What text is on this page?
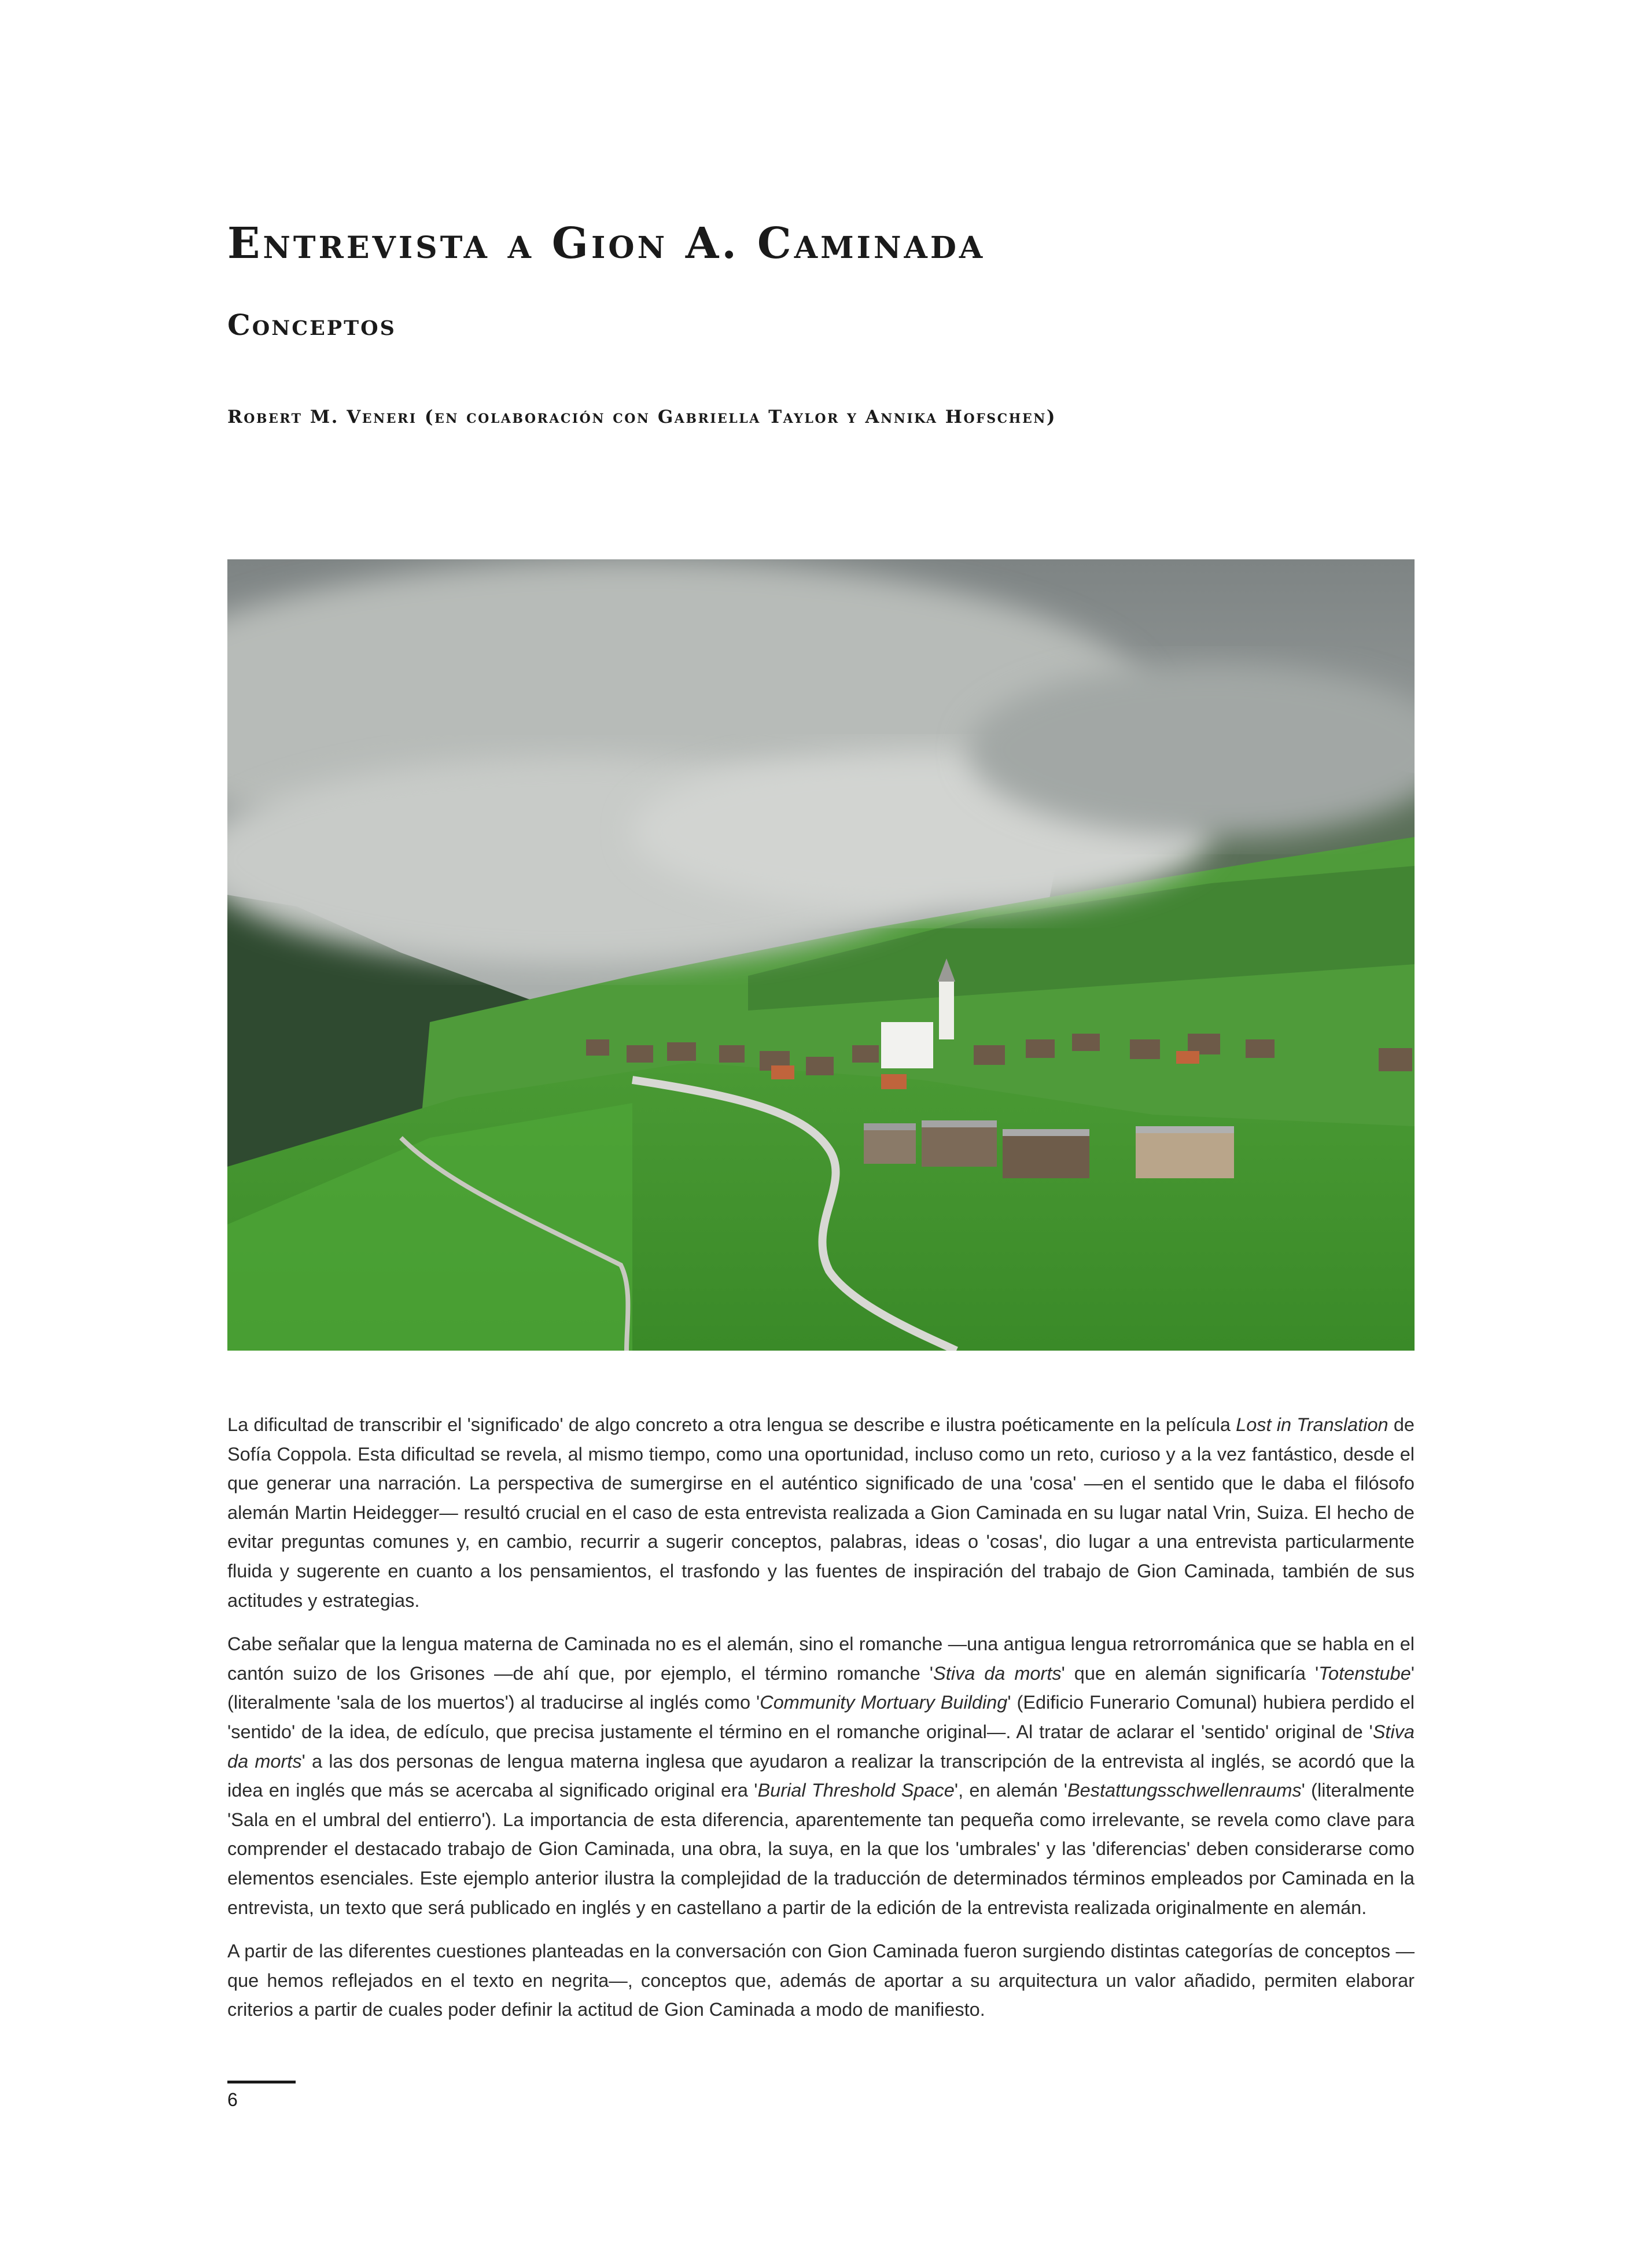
Entrevista a Gion A. Caminada
Conceptos
Robert M. Veneri (en colaboración con Gabriella Taylor y Annika Hofschen)

La dificultad de transcribir el 'significado' de algo concreto a otra lengua se describe e ilustra poéticamente en la película Lost in Translation de Sofía Coppola. Esta dificultad se revela, al mismo tiempo, como una oportunidad, incluso como un reto, curioso y a la vez fantástico, desde el que generar una narración. La perspectiva de sumergirse en el auténtico significado de una 'cosa' —en el sentido que le daba el filósofo alemán Martin Heidegger— resultó crucial en el caso de esta entrevista realizada a Gion Caminada en su lugar natal Vrin, Suiza. El hecho de evitar preguntas comunes y, en cambio, recurrir a sugerir conceptos, palabras, ideas o 'cosas', dio lugar a una entrevista particularmente fluida y sugerente en cuanto a los pensamientos, el trasfondo y las fuentes de inspiración del trabajo de Gion Caminada, también de sus actitudes y estrategias.

Cabe señalar que la lengua materna de Caminada no es el alemán, sino el romanche —una antigua lengua retrorrománica que se habla en el cantón suizo de los Grisones —de ahí que, por ejemplo, el término romanche 'Stiva da morts' que en alemán significaría 'Totenstube' (literalmente 'sala de los muertos') al traducirse al inglés como 'Community Mortuary Building' (Edificio Funerario Comunal) hubiera perdido el 'sentido' de la idea, de edículo, que precisa justamente el término en el romanche original—. Al tratar de aclarar el 'sentido' original de 'Stiva da morts' a las dos personas de lengua materna inglesa que ayudaron a realizar la transcripción de la entrevista al inglés, se acordó que la idea en inglés que más se acercaba al significado original era 'Burial Threshold Space', en alemán 'Bestattungsschwellenraums' (literalmente 'Sala en el umbral del entierro'). La importancia de esta diferencia, aparentemente tan pequeña como irrelevante, se revela como clave para comprender el destacado trabajo de Gion Caminada, una obra, la suya, en la que los 'umbrales' y las 'diferencias' deben considerarse como elementos esenciales. Este ejemplo anterior ilustra la complejidad de la traducción de determinados términos empleados por Caminada en la entrevista, un texto que será publicado en inglés y en castellano a partir de la edición de la entrevista realizada originalmente en alemán.

A partir de las diferentes cuestiones planteadas en la conversación con Gion Caminada fueron surgiendo distintas categorías de conceptos —que hemos reflejados en el texto en negrita—, conceptos que, además de aportar a su arquitectura un valor añadido, permiten elaborar criterios a partir de cuales poder definir la actitud de Gion Caminada a modo de manifiesto.

6
